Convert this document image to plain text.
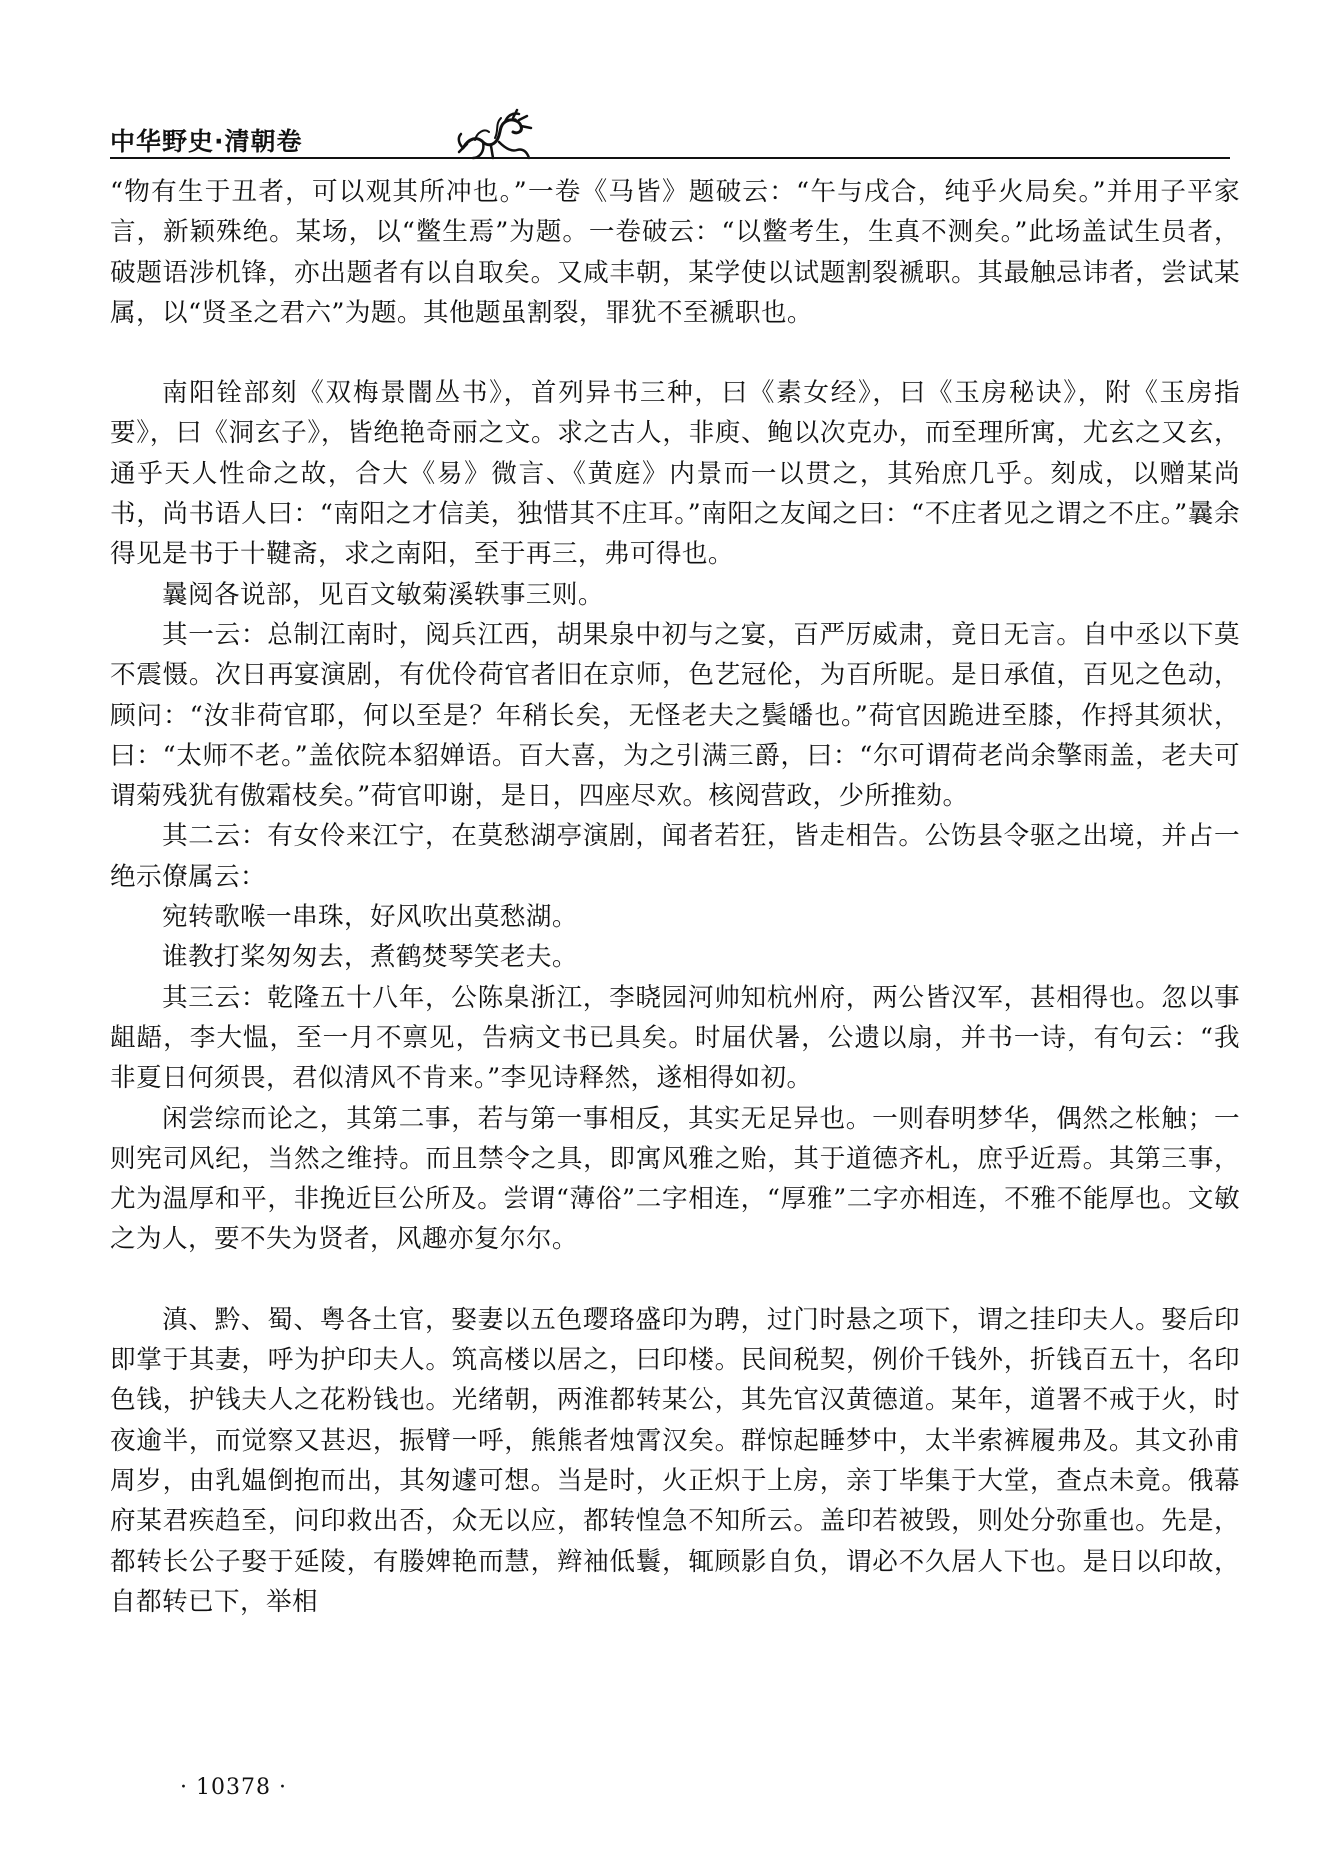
中华野史·清朝卷

“物有生于丑者，可以观其所冲也。”一卷《马皆》题破云：“午与戌合，纯乎火局矣。”并用子平家言，新颖殊绝。某场，以“鳖生焉”为题。一卷破云：“以鳖考生，生真不测矣。”此场盖试生员者，破题语涉机锋，亦出题者有以自取矣。又咸丰朝，某学使以试题割裂褫职。其最触忌讳者，尝试某属，以“贤圣之君六”为题。其他题虽割裂，罪犹不至褫职也。

南阳铨部刻《双梅景闇丛书》，首列异书三种，曰《素女经》，曰《玉房秘诀》，附《玉房指要》，曰《洞玄子》，皆绝艳奇丽之文。求之古人，非庾、鲍以次克办，而至理所寓，尤玄之又玄，通乎天人性命之故，合大《易》微言、《黄庭》内景而一以贯之，其殆庶几乎。刻成，以赠某尚书，尚书语人曰：“南阳之才信美，独惜其不庄耳。”南阳之友闻之曰：“不庄者见之谓之不庄。”曩余得见是书于十鞬斋，求之南阳，至于再三，弗可得也。

曩阅各说部，见百文敏菊溪轶事三则。

其一云：总制江南时，阅兵江西，胡果泉中初与之宴，百严厉威肃，竟日无言。自中丞以下莫不震慑。次日再宴演剧，有优伶荷官者旧在京师，色艺冠伦，为百所昵。是日承值，百见之色动，顾问：“汝非荷官耶，何以至是？年稍长矣，无怪老夫之鬓皤也。”荷官因跪进至膝，作捋其须状，曰：“太师不老。”盖依院本貂婵语。百大喜，为之引满三爵，曰：“尔可谓荷老尚余擎雨盖，老夫可谓菊残犹有傲霜枝矣。”荷官叩谢，是日，四座尽欢。核阅营政，少所推劾。

其二云：有女伶来江宁，在莫愁湖亭演剧，闻者若狂，皆走相告。公饬县令驱之出境，并占一绝示僚属云：

宛转歌喉一串珠，好风吹出莫愁湖。

谁教打桨匆匆去，煮鹤焚琴笑老夫。

其三云：乾隆五十八年，公陈臬浙江，李晓园河帅知杭州府，两公皆汉军，甚相得也。忽以事龃龉，李大愠，至一月不禀见，告病文书已具矣。时届伏暑，公遗以扇，并书一诗，有句云：“我非夏日何须畏，君似清风不肯来。”李见诗释然，遂相得如初。

闲尝综而论之，其第二事，若与第一事相反，其实无足异也。一则春明梦华，偶然之枨触；一则宪司风纪，当然之维持。而且禁令之具，即寓风雅之贻，其于道德齐札，庶乎近焉。其第三事，尤为温厚和平，非挽近巨公所及。尝谓“薄俗”二字相连，“厚雅”二字亦相连，不雅不能厚也。文敏之为人，要不失为贤者，风趣亦复尔尔。

滇、黔、蜀、粤各土官，娶妻以五色璎珞盛印为聘，过门时悬之项下，谓之挂印夫人。娶后印即掌于其妻，呼为护印夫人。筑高楼以居之，曰印楼。民间税契，例价千钱外，折钱百五十，名印色钱，护钱夫人之花粉钱也。光绪朝，两淮都转某公，其先官汉黄德道。某年，道署不戒于火，时夜逾半，而觉察又甚迟，振臂一呼，熊熊者烛霄汉矣。群惊起睡梦中，太半索裤履弗及。其文孙甫周岁，由乳媪倒抱而出，其匆遽可想。当是时，火正炽于上房，亲丁毕集于大堂，查点未竟。俄幕府某君疾趋至，问印救出否，众无以应，都转惶急不知所云。盖印若被毁，则处分弥重也。先是，都转长公子娶于延陵，有媵婢艳而慧，辫袖低鬟，辄顾影自负，谓必不久居人下也。是日以印故，自都转已下，举相

· 10378 ·
